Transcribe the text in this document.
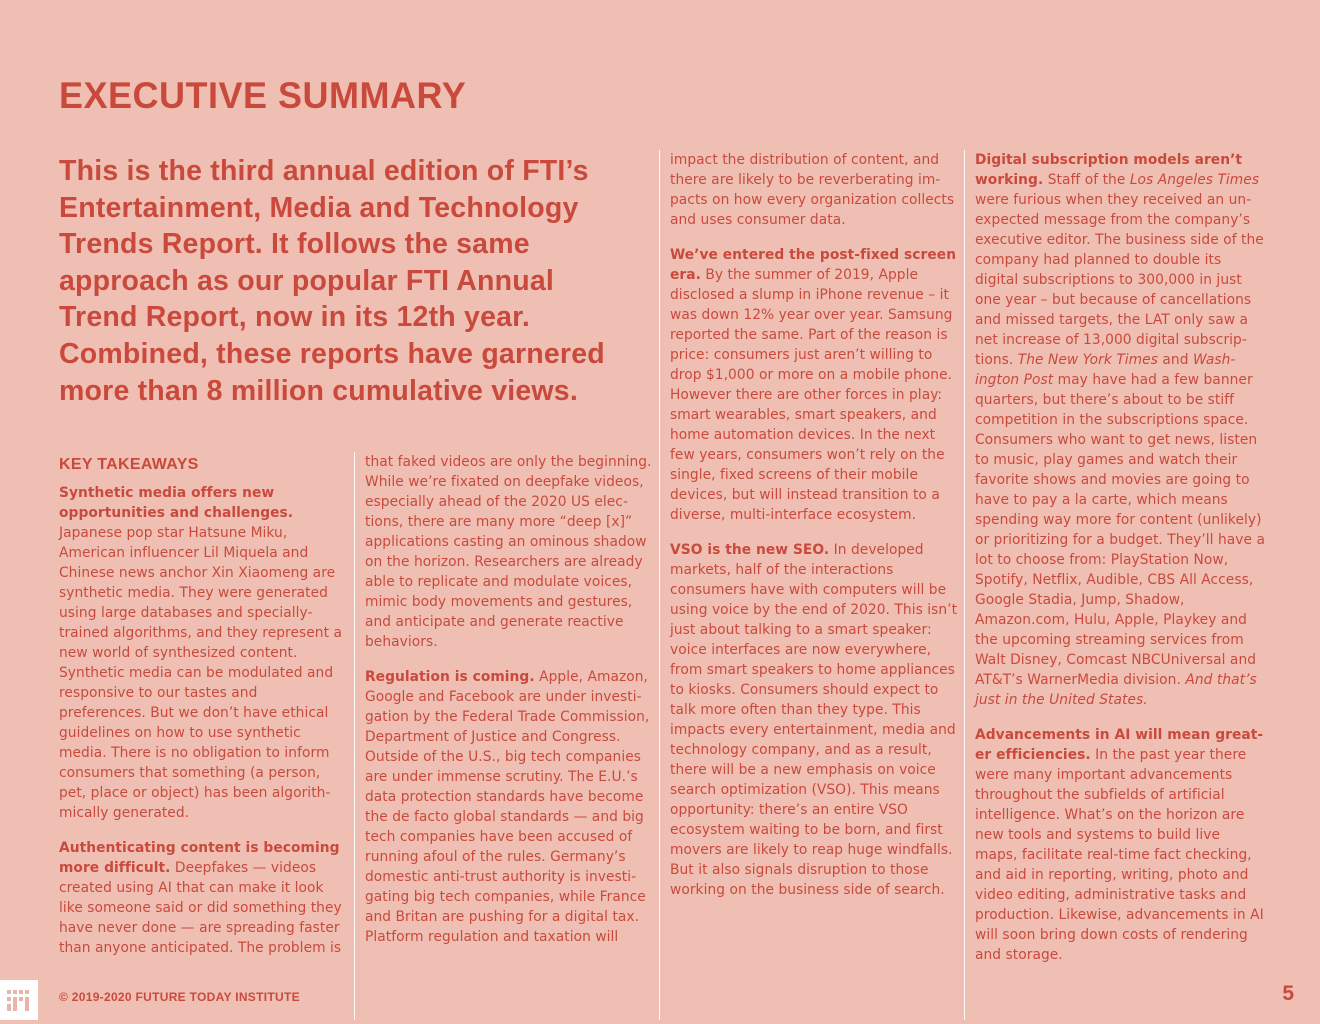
EXECUTIVE SUMMARY

This is the third annual edition of FTI’s Entertainment, Media and Technology Trends Report. It follows the same approach as our popular FTI Annual Trend Report, now in its 12th year. Combined, these reports have garnered more than 8 million cumulative views.

KEY TAKEAWAYS

Synthetic media offers new opportunities and challenges. Japanese pop star Hatsune Miku, American influencer Lil Miquela and Chinese news anchor Xin Xiaomeng are synthetic media. They were generated using large databases and specially-trained algorithms, and they represent a new world of synthesized content. Synthetic media can be modulated and responsive to our tastes and preferences. But we don’t have ethical guidelines on how to use synthetic media. There is no obligation to inform consumers that something (a person, pet, place or object) has been algorithmically generated.

Authenticating content is becoming more difficult. Deepfakes — videos created using AI that can make it look like someone said or did something they have never done — are spreading faster than anyone anticipated. The problem is

that faked videos are only the beginning. While we’re fixated on deepfake videos, especially ahead of the 2020 US elections, there are many more “deep [x]” applications casting an ominous shadow on the horizon. Researchers are already able to replicate and modulate voices, mimic body movements and gestures, and anticipate and generate reactive behaviors.

Regulation is coming. Apple, Amazon, Google and Facebook are under investigation by the Federal Trade Commission, Department of Justice and Congress. Outside of the U.S., big tech companies are under immense scrutiny. The E.U.’s data protection standards have become the de facto global standards — and big tech companies have been accused of running afoul of the rules. Germany’s domestic anti-trust authority is investigating big tech companies, while France and Britan are pushing for a digital tax. Platform regulation and taxation will

impact the distribution of content, and there are likely to be reverberating impacts on how every organization collects and uses consumer data.

We’ve entered the post-fixed screen era. By the summer of 2019, Apple disclosed a slump in iPhone revenue – it was down 12% year over year. Samsung reported the same. Part of the reason is price: consumers just aren’t willing to drop $1,000 or more on a mobile phone. However there are other forces in play: smart wearables, smart speakers, and home automation devices. In the next few years, consumers won’t rely on the single, fixed screens of their mobile devices, but will instead transition to a diverse, multi-interface ecosystem.

VSO is the new SEO. In developed markets, half of the interactions consumers have with computers will be using voice by the end of 2020. This isn’t just about talking to a smart speaker: voice interfaces are now everywhere, from smart speakers to home appliances to kiosks. Consumers should expect to talk more often than they type. This impacts every entertainment, media and technology company, and as a result, there will be a new emphasis on voice search optimization (VSO). This means opportunity: there’s an entire VSO ecosystem waiting to be born, and first movers are likely to reap huge windfalls. But it also signals disruption to those working on the business side of search.

Digital subscription models aren’t working. Staff of the Los Angeles Times were furious when they received an unexpected message from the company’s executive editor. The business side of the company had planned to double its digital subscriptions to 300,000 in just one year – but because of cancellations and missed targets, the LAT only saw a net increase of 13,000 digital subscriptions. The New York Times and Washington Post may have had a few banner quarters, but there’s about to be stiff competition in the subscriptions space. Consumers who want to get news, listen to music, play games and watch their favorite shows and movies are going to have to pay a la carte, which means spending way more for content (unlikely) or prioritizing for a budget. They’ll have a lot to choose from: PlayStation Now, Spotify, Netflix, Audible, CBS All Access, Google Stadia, Jump, Shadow, Amazon.com, Hulu, Apple, Playkey and the upcoming streaming services from Walt Disney, Comcast NBCUniversal and AT&T’s WarnerMedia division. And that’s just in the United States.

Advancements in AI will mean greater efficiencies. In the past year there were many important advancements throughout the subfields of artificial intelligence. What’s on the horizon are new tools and systems to build live maps, facilitate real-time fact checking, and aid in reporting, writing, photo and video editing, administrative tasks and production. Likewise, advancements in AI will soon bring down costs of rendering and storage.

© 2019-2020 FUTURE TODAY INSTITUTE	5
